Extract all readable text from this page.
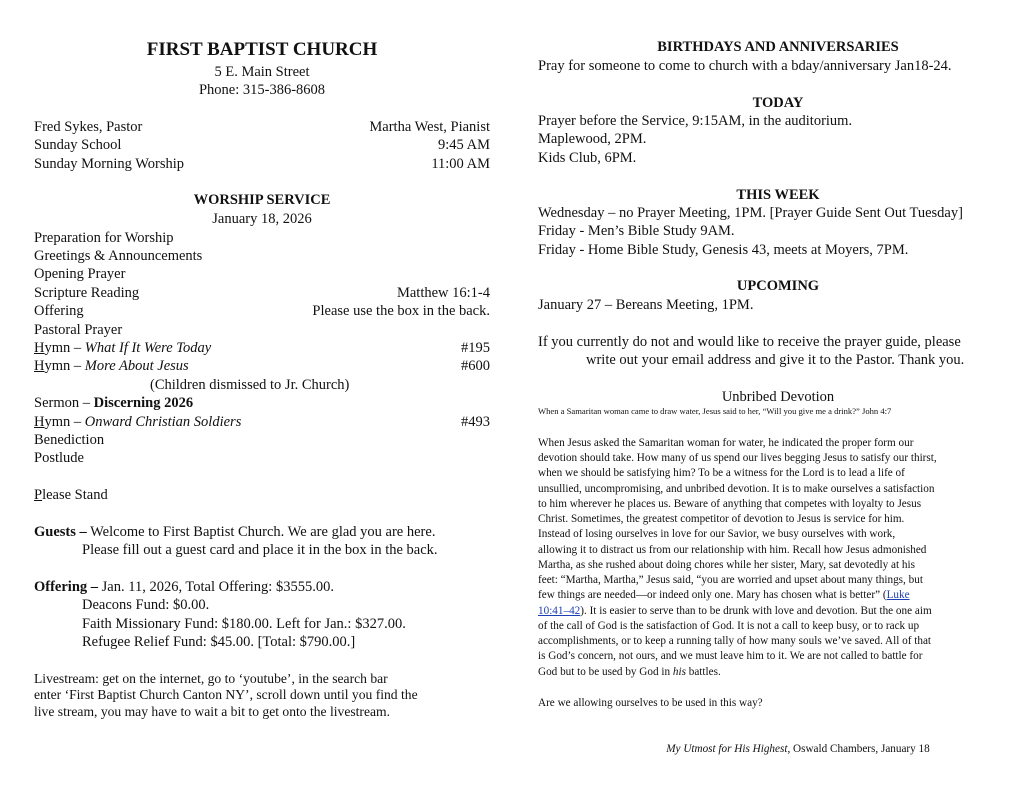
FIRST BAPTIST CHURCH
5 E. Main Street
Phone: 315-386-8608
Fred Sykes, Pastor	Martha West, Pianist
Sunday School	9:45 AM
Sunday Morning Worship	11:00 AM
WORSHIP SERVICE
January 18, 2026
Preparation for Worship
Greetings & Announcements
Opening Prayer
Scripture Reading	Matthew 16:1-4
Offering	Please use the box in the back.
Pastoral Prayer
Hymn – What If It Were Today	#195
Hymn – More About Jesus	#600
(Children dismissed to Jr. Church)
Sermon – Discerning 2026
Hymn – Onward Christian Soldiers	#493
Benediction
Postlude
Please Stand
Guests – Welcome to First Baptist Church. We are glad you are here.
Please fill out a guest card and place it in the box in the back.
Offering – Jan. 11, 2026, Total Offering: $3555.00.
Deacons Fund: $0.00.
Faith Missionary Fund: $180.00. Left for Jan.: $327.00.
Refugee Relief Fund: $45.00. [Total: $790.00.]
Livestream: get on the internet, go to ‘youtube’, in the search bar
enter ‘First Baptist Church Canton NY’, scroll down until you find the
live stream, you may have to wait a bit to get onto the livestream.
BIRTHDAYS AND ANNIVERSARIES
Pray for someone to come to church with a bday/anniversary Jan18-24.
TODAY
Prayer before the Service, 9:15AM, in the auditorium.
Maplewood, 2PM.
Kids Club, 6PM.
THIS WEEK
Wednesday – no Prayer Meeting, 1PM. [Prayer Guide Sent Out Tuesday]
Friday - Men’s Bible Study 9AM.
Friday - Home Bible Study, Genesis 43, meets at Moyers, 7PM.
UPCOMING
January 27 – Bereans Meeting, 1PM.
If you currently do not and would like to receive the prayer guide, please
write out your email address and give it to the Pastor. Thank you.
Unbribed Devotion
When a Samaritan woman came to draw water, Jesus said to her, “Will you give me a drink?” John 4:7
When Jesus asked the Samaritan woman for water, he indicated the proper form our
devotion should take. How many of us spend our lives begging Jesus to satisfy our thirst,
when we should be satisfying him? To be a witness for the Lord is to lead a life of
unsullied, uncompromising, and unbribed devotion. It is to make ourselves a satisfaction
to him wherever he places us. Beware of anything that competes with loyalty to Jesus
Christ. Sometimes, the greatest competitor of devotion to Jesus is service for him.
Instead of losing ourselves in love for our Savior, we busy ourselves with work,
allowing it to distract us from our relationship with him. Recall how Jesus admonished
Martha, as she rushed about doing chores while her sister, Mary, sat devotedly at his
feet: “Martha, Martha,” Jesus said, “you are worried and upset about many things, but
few things are needed—or indeed only one. Mary has chosen what is better” (Luke
10:41–42). It is easier to serve than to be drunk with love and devotion. But the one aim
of the call of God is the satisfaction of God. It is not a call to keep busy, or to rack up
accomplishments, or to keep a running tally of how many souls we’ve saved. All of that
is God’s concern, not ours, and we must leave him to it. We are not called to battle for
God but to be used by God in his battles.
Are we allowing ourselves to be used in this way?
My Utmost for His Highest, Oswald Chambers, January 18
